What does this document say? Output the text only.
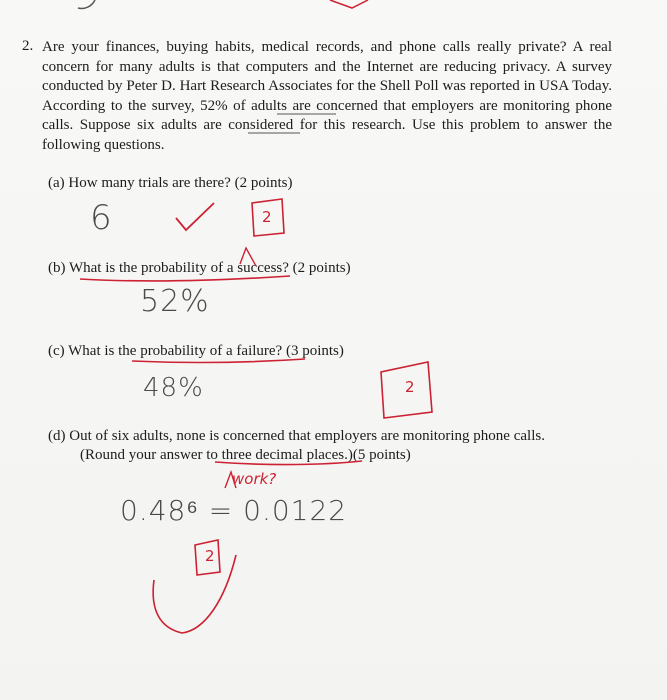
2. Are your finances, buying habits, medical records, and phone calls really private? A real concern for many adults is that computers and the Internet are reducing privacy. A survey conducted by Peter D. Hart Research Associates for the Shell Poll was reported in USA Today. According to the survey, 52% of adults are concerned that employers are monitoring phone calls. Suppose six adults are considered for this research. Use this problem to answer the following questions.
(a) How many trials are there? (2 points)
6	2
(b) What is the probability of a success? (2 points)
52%
(c) What is the probability of a failure? (3 points)
48%	2
(d) Out of six adults, none is concerned that employers are monitoring phone calls.
(Round your answer to three decimal places.)(5 points)
work?
0.48⁶ = 0.0122
2
